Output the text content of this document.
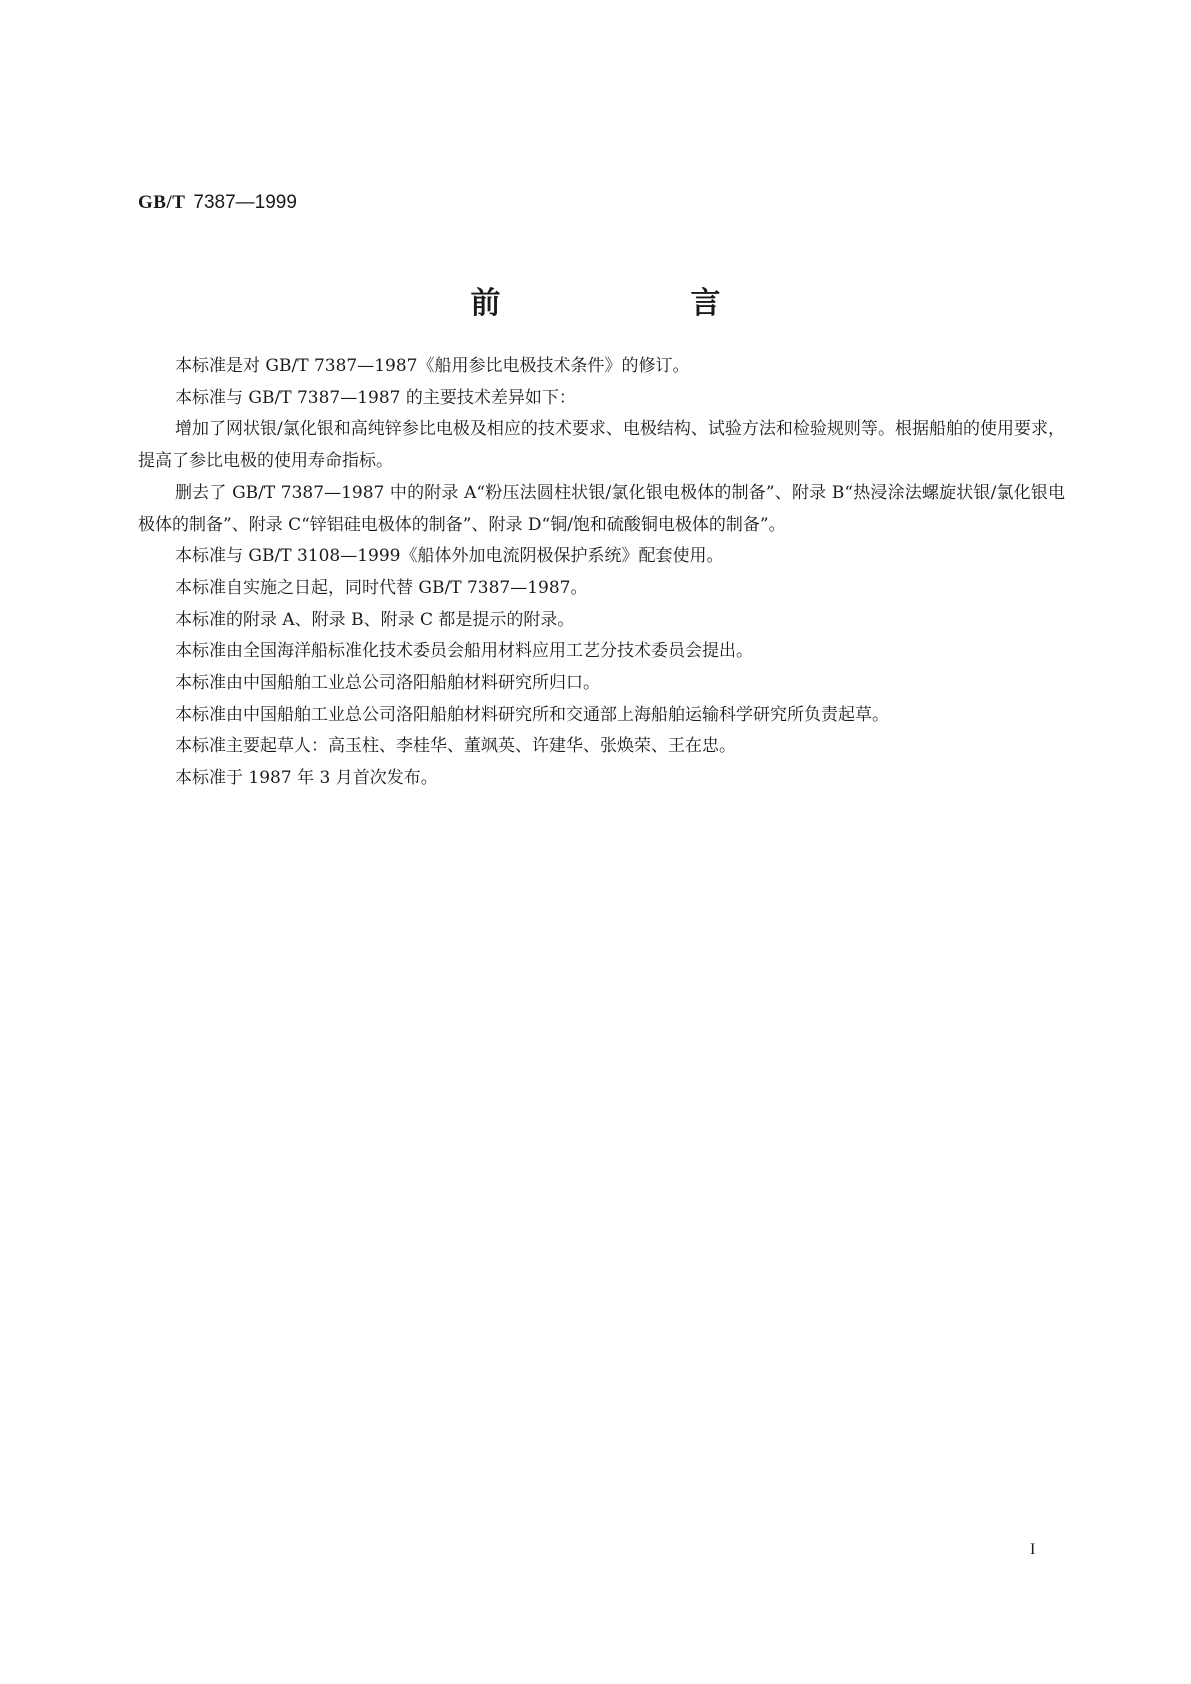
GB/T 7387—1999
前　言

本标准是对 GB/T 7387—1987《船用参比电极技术条件》的修订。

本标准与 GB/T 7387—1987 的主要技术差异如下：

增加了网状银/氯化银和高纯锌参比电极及相应的技术要求、电极结构、试验方法和检验规则等。根据船舶的使用要求，提高了参比电极的使用寿命指标。

删去了 GB/T 7387—1987 中的附录 A“粉压法圆柱状银/氯化银电极体的制备”、附录 B“热浸涂法螺旋状银/氯化银电极体的制备”、附录 C“锌铝硅电极体的制备”、附录 D“铜/饱和硫酸铜电极体的制备”。

本标准与 GB/T 3108—1999《船体外加电流阴极保护系统》配套使用。

本标准自实施之日起，同时代替 GB/T 7387—1987。

本标准的附录 A、附录 B、附录 C 都是提示的附录。

本标准由全国海洋船标准化技术委员会船用材料应用工艺分技术委员会提出。

本标准由中国船舶工业总公司洛阳船舶材料研究所归口。

本标准由中国船舶工业总公司洛阳船舶材料研究所和交通部上海船舶运输科学研究所负责起草。

本标准主要起草人：高玉柱、李桂华、董飒英、许建华、张焕荣、王在忠。

本标准于 1987 年 3 月首次发布。

I
